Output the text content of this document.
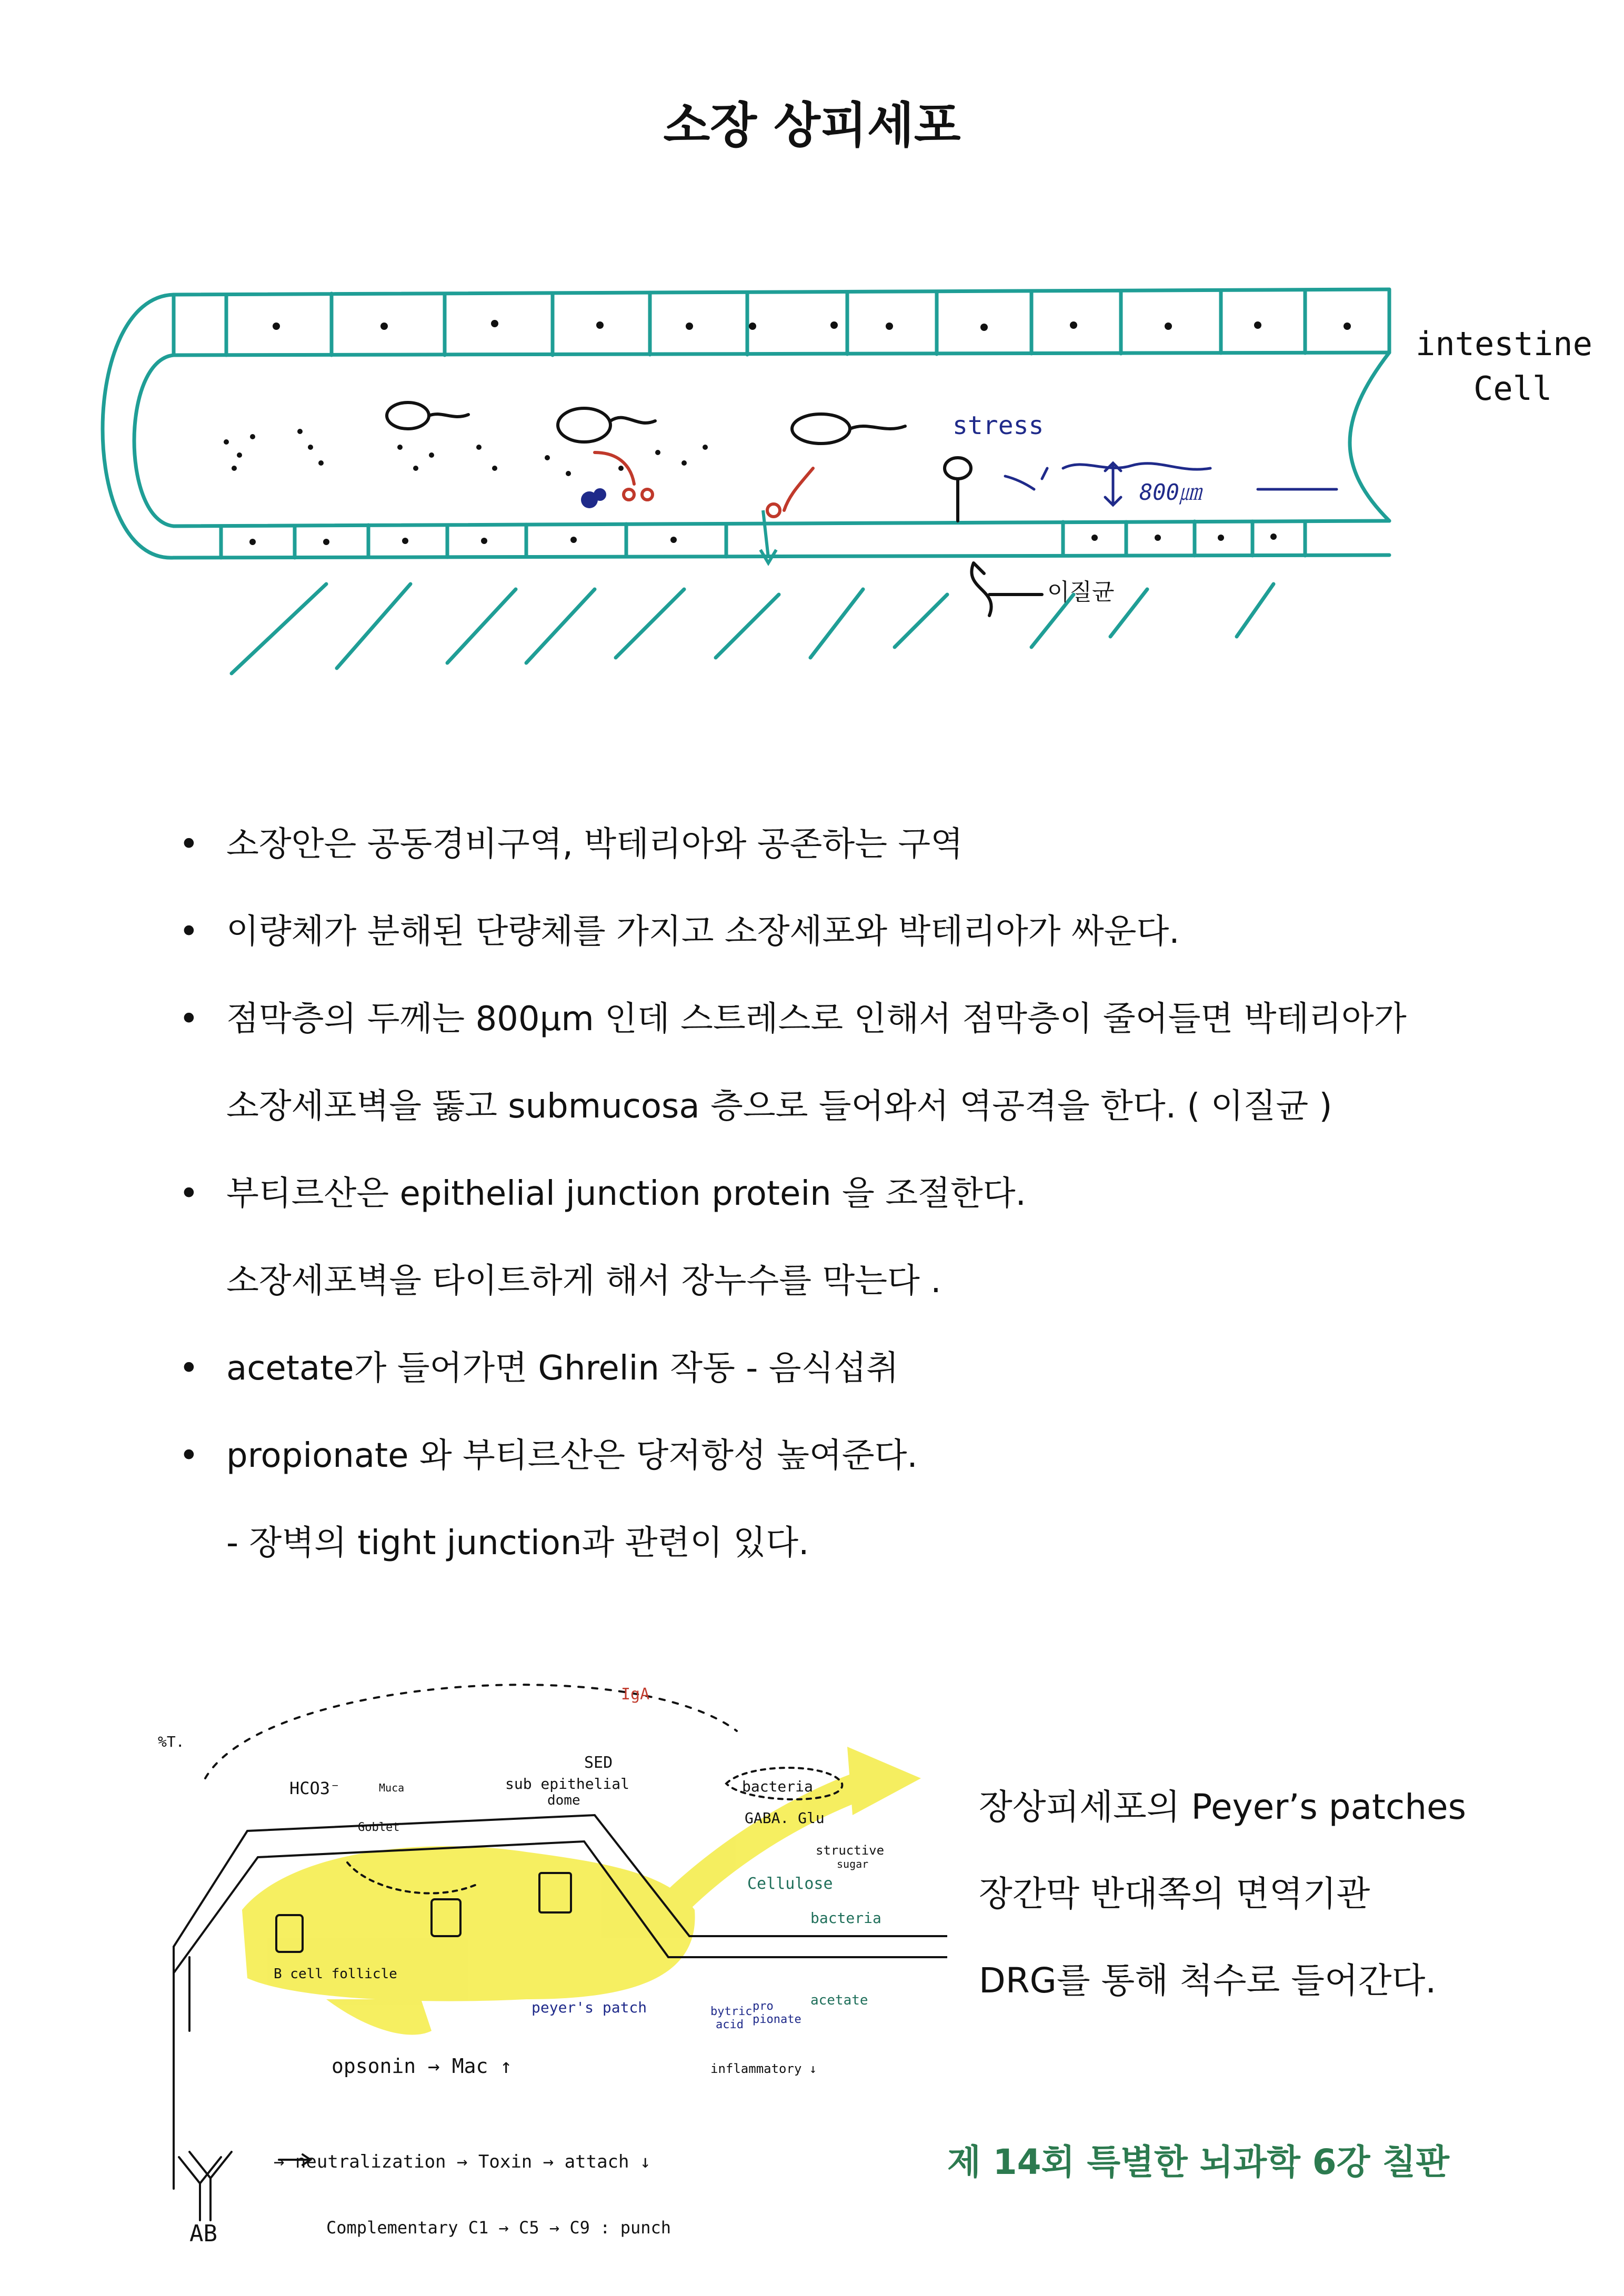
소장 상피세포
stress
800㎛
이질균
intestine
Cell
• 소장안은 공동경비구역, 박테리아와 공존하는 구역
• 이량체가 분해된 단량체를 가지고 소장세포와 박테리아가 싸운다.
• 점막층의 두께는 800μm 인데 스트레스로 인해서 점막층이 줄어들면 박테리아가
소장세포벽을 뚫고 submucosa 층으로 들어와서 역공격을 한다. ( 이질균 )
• 부티르산은 epithelial junction protein 을 조절한다.
소장세포벽을 타이트하게 해서 장누수를 막는다 .
• acetate가 들어가면 Ghrelin 작동 - 음식섭취
• propionate 와 부티르산은 당저항성 높여준다.
- 장벽의 tight junction과 관련이 있다.
IgA
SED
sub epithelial
dome
HCO3⁻	Muca
Goblet
bacteria
GABA. Glu
structive
sugar
Cellulose
bacteria
B cell follicle
peyer's patch	acetate
bytric
acid
pro
pionate
inflammatory ↓
opsonin → Mac ↑
→ neutralization → Toxin → attach ↓
Complementary C1 → C5 → C9 : punch
AB
%T.
장상피세포의 Peyer’s patches
장간막 반대쪽의 면역기관
DRG를 통해 척수로 들어간다.
제 14회 특별한 뇌과학 6강 칠판
